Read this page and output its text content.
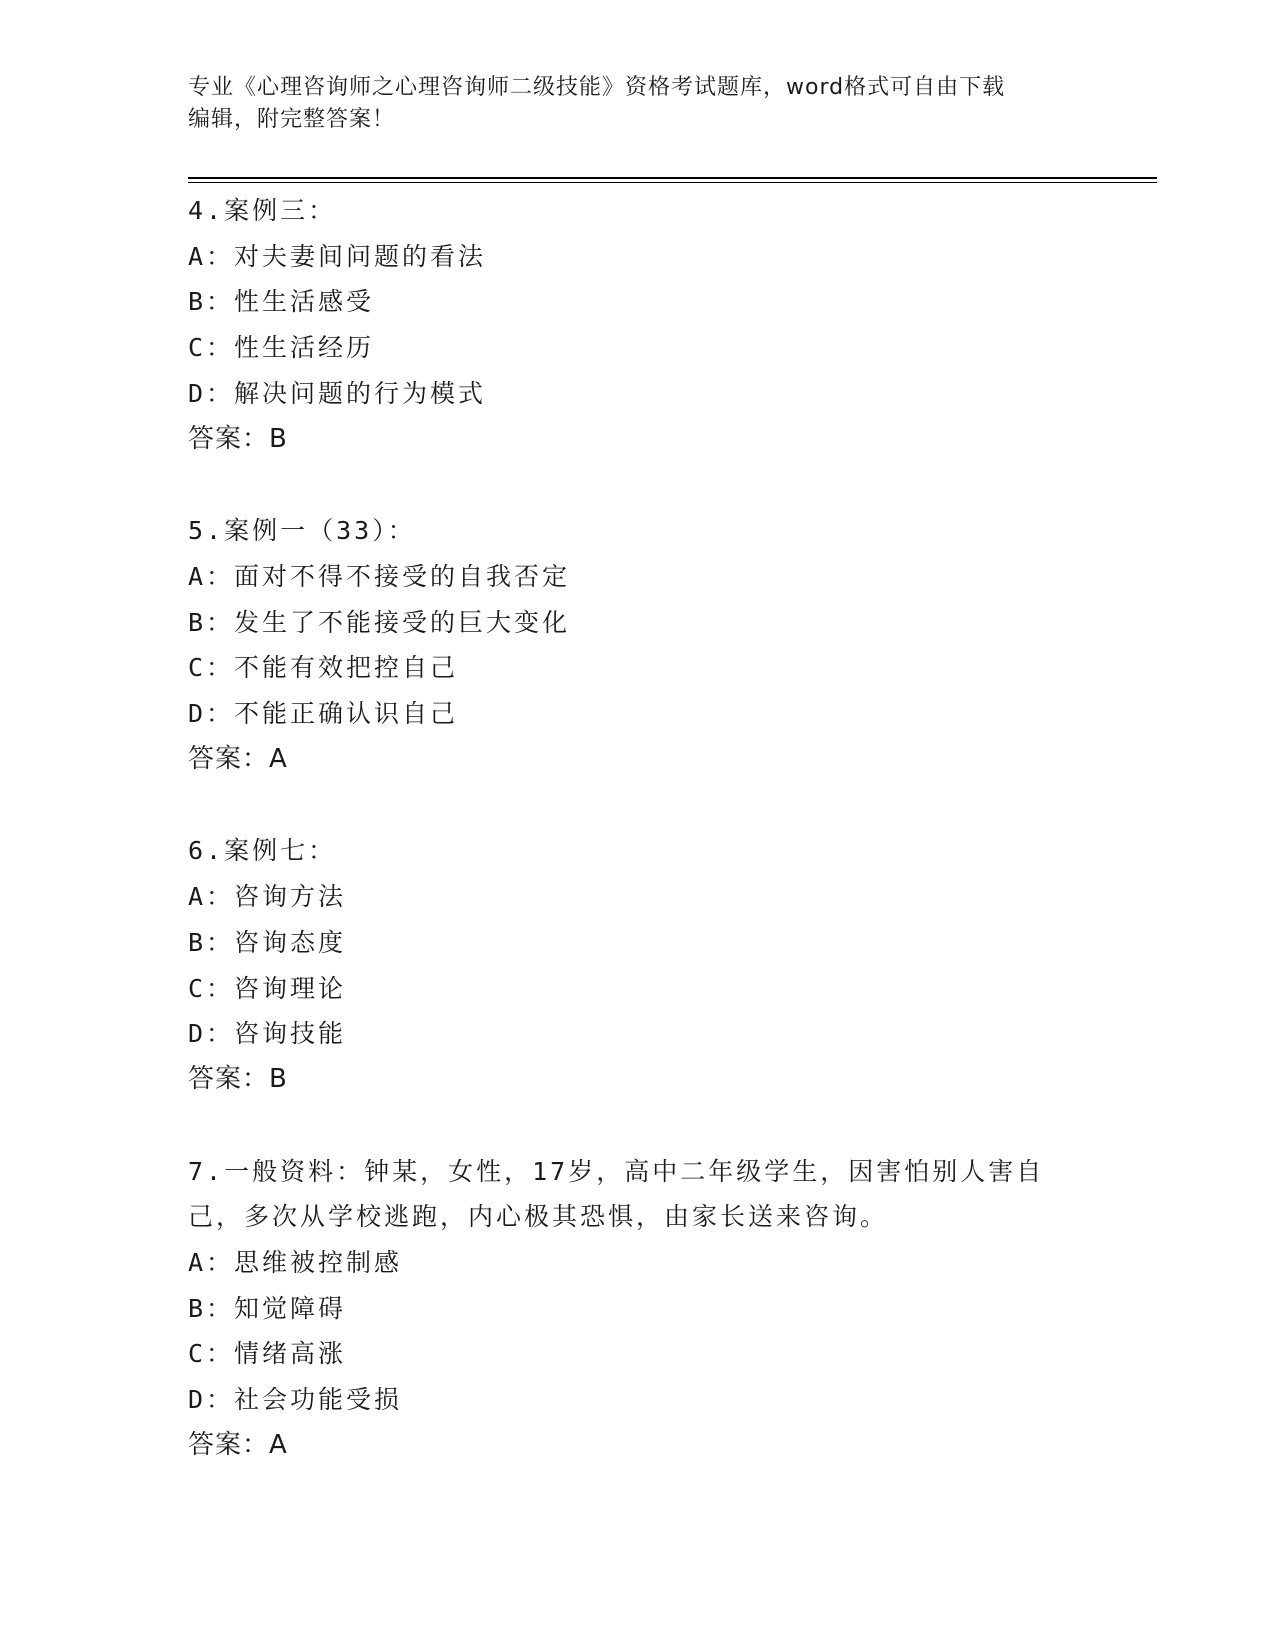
专业《心理咨询师之心理咨询师二级技能》资格考试题库，word格式可自由下载
编辑，附完整答案！
4.案例三：
A：对夫妻间问题的看法
B：性生活感受
C：性生活经历
D：解决问题的行为模式
答案：B
5.案例一（33）：
A：面对不得不接受的自我否定
B：发生了不能接受的巨大变化
C：不能有效把控自己
D：不能正确认识自己
答案：A
6.案例七：
A：咨询方法
B：咨询态度
C：咨询理论
D：咨询技能
答案：B
7.一般资料：钟某，女性，17岁，高中二年级学生，因害怕别人害自
己，多次从学校逃跑，内心极其恐惧，由家长送来咨询。
A：思维被控制感
B：知觉障碍
C：情绪高涨
D：社会功能受损
答案：A
